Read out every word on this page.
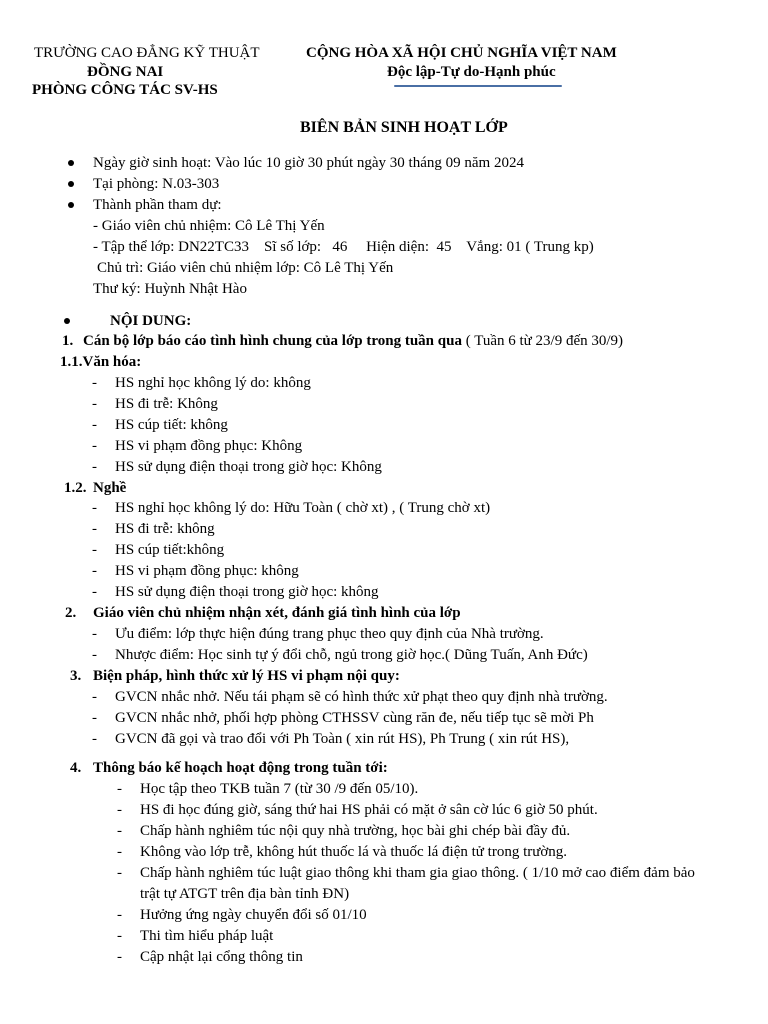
TRƯỜNG CAO ĐẲNG KỸ THUẬT
ĐỒNG NAI
PHÒNG CÔNG TÁC SV-HS
CỘNG HÒA XÃ HỘI CHỦ NGHĨA VIỆT NAM
Độc lập-Tự do-Hạnh phúc
BIÊN BẢN SINH HOẠT LỚP
Ngày giờ sinh hoạt: Vào lúc 10 giờ 30 phút ngày 30 tháng 09 năm 2024
Tại phòng: N.03-303
Thành phần tham dự:
- Giáo viên chủ nhiệm: Cô Lê Thị Yến
- Tập thể lớp: DN22TC33    Sĩ số lớp:   46     Hiện diện:  45    Vắng: 01 ( Trung kp)
Chủ trì: Giáo viên chủ nhiệm lớp: Cô Lê Thị Yến
Thư ký: Huỳnh Nhật Hào
NỘI DUNG:
1. Cán bộ lớp báo cáo tình hình chung của lớp trong tuần qua ( Tuần 6 từ 23/9 đến 30/9)
1.1.Văn hóa:
- HS nghỉ học không lý do: không
- HS đi trễ: Không
- HS cúp tiết: không
- HS vi phạm đồng phục: Không
- HS sử dụng điện thoại trong giờ học: Không
1.2. Nghề
- HS nghỉ học không lý do: Hữu Toàn ( chờ xt) , ( Trung chờ xt)
- HS đi trễ: không
- HS cúp tiết:không
- HS vi phạm đồng phục: không
- HS sử dụng điện thoại trong giờ học: không
2. Giáo viên chủ nhiệm nhận xét, đánh giá tình hình của lớp
- Ưu điểm: lớp thực hiện đúng trang phục theo quy định của Nhà trường.
- Nhược điểm: Học sinh tự ý đổi chỗ, ngủ trong giờ học.( Dũng Tuấn, Anh Đức)
3. Biện pháp, hình thức xử lý HS vi phạm nội quy:
- GVCN nhắc nhở. Nếu tái phạm sẽ có hình thức xử phạt theo quy định nhà trường.
- GVCN nhắc nhở, phối hợp phòng CTHSSV cùng răn đe, nếu tiếp tục sẽ mời Ph
- GVCN đã gọi và trao đổi với Ph Toàn ( xin rút HS), Ph Trung ( xin rút HS),
4. Thông báo kế hoạch hoạt động trong tuần tới:
- Học tập theo TKB tuần 7 (từ 30 /9 đến 05/10).
- HS đi học đúng giờ, sáng thứ hai HS phải có mặt ở sân cờ lúc 6 giờ 50 phút.
- Chấp hành nghiêm túc nội quy nhà trường, học bài ghi chép bài đầy đủ.
- Không vào lớp trễ, không hút thuốc lá và thuốc lá điện tử trong trường.
- Chấp hành nghiêm túc luật giao thông khi tham gia giao thông. ( 1/10 mở cao điểm đảm bảo
trật tự ATGT trên địa bàn tỉnh ĐN)
- Hưởng ứng ngày chuyển đổi số 01/10
- Thi tìm hiểu pháp luật
- Cập nhật lại cổng thông tin
